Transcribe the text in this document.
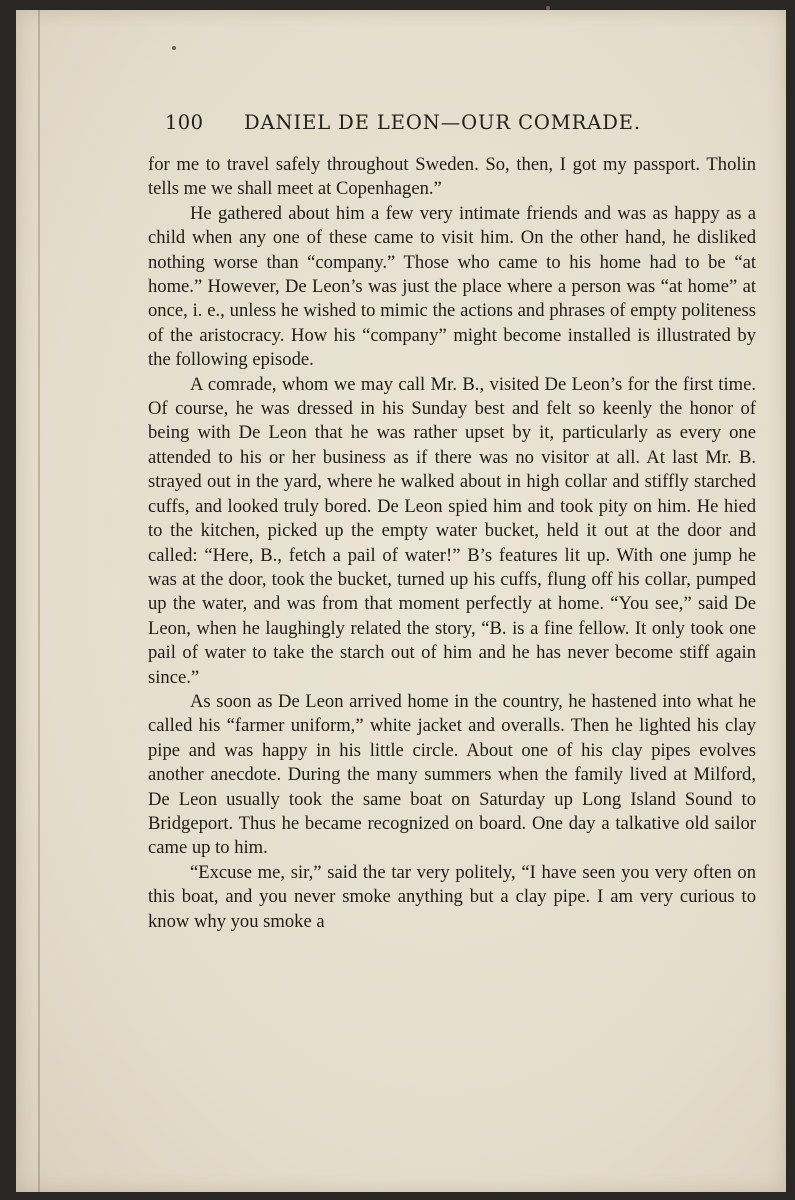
100 DANIEL DE LEON—OUR COMRADE.

for me to travel safely throughout Sweden. So, then, I got my passport. Tholin tells me we shall meet at Copenhagen.”

He gathered about him a few very intimate friends and was as happy as a child when any one of these came to visit him. On the other hand, he disliked nothing worse than “company.” Those who came to his home had to be “at home.” However, De Leon’s was just the place where a person was “at home” at once, i. e., unless he wished to mimic the actions and phrases of empty politeness of the aristocracy. How his “company” might become installed is illustrated by the following episode.

A comrade, whom we may call Mr. B., visited De Leon’s for the first time. Of course, he was dressed in his Sunday best and felt so keenly the honor of being with De Leon that he was rather upset by it, particularly as every one attended to his or her business as if there was no visitor at all. At last Mr. B. strayed out in the yard, where he walked about in high collar and stiffly starched cuffs, and looked truly bored. De Leon spied him and took pity on him. He hied to the kitchen, picked up the empty water bucket, held it out at the door and called: “Here, B., fetch a pail of water!” B’s features lit up. With one jump he was at the door, took the bucket, turned up his cuffs, flung off his collar, pumped up the water, and was from that moment perfectly at home. “You see,” said De Leon, when he laughingly related the story, “B. is a fine fellow. It only took one pail of water to take the starch out of him and he has never become stiff again since.”

As soon as De Leon arrived home in the country, he hastened into what he called his “farmer uniform,” white jacket and overalls. Then he lighted his clay pipe and was happy in his little circle. About one of his clay pipes evolves another anecdote. During the many summers when the family lived at Milford, De Leon usually took the same boat on Saturday up Long Island Sound to Bridgeport. Thus he became recognized on board. One day a talkative old sailor came up to him.

“Excuse me, sir,” said the tar very politely, “I have seen you very often on this boat, and you never smoke anything but a clay pipe. I am very curious to know why you smoke a
